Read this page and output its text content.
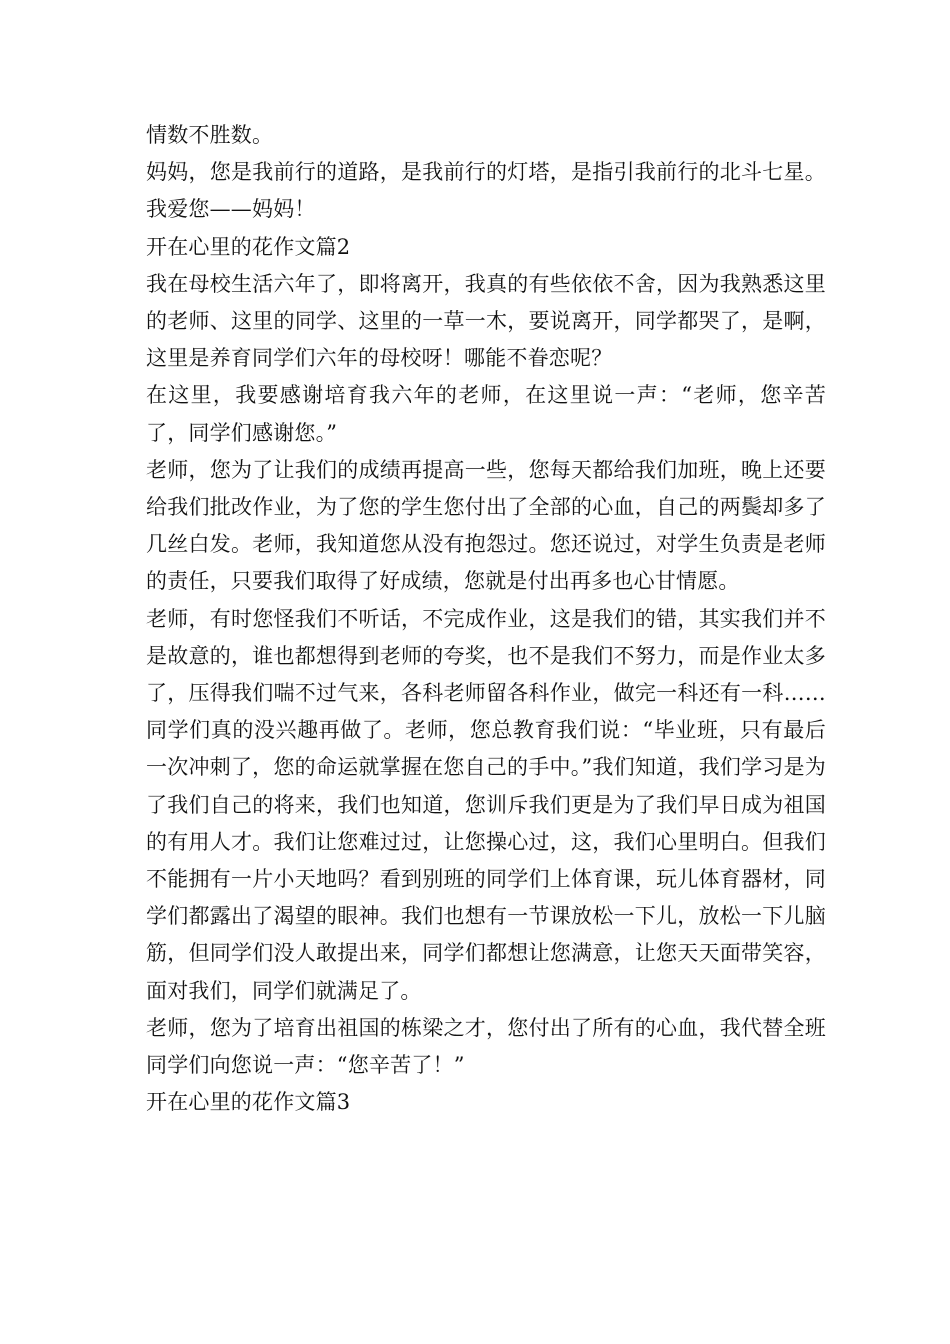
情数不胜数。

妈妈，您是我前行的道路，是我前行的灯塔，是指引我前行的北斗七星。我爱您——妈妈！

开在心里的花作文篇2

我在母校生活六年了，即将离开，我真的有些依依不舍，因为我熟悉这里的老师、这里的同学、这里的一草一木，要说离开，同学都哭了，是啊，这里是养育同学们六年的母校呀！哪能不眷恋呢？

在这里，我要感谢培育我六年的老师，在这里说一声：“老师，您辛苦了，同学们感谢您。”

老师，您为了让我们的成绩再提高一些，您每天都给我们加班，晚上还要给我们批改作业，为了您的学生您付出了全部的心血，自己的两鬓却多了几丝白发。老师，我知道您从没有抱怨过。您还说过，对学生负责是老师的责任，只要我们取得了好成绩，您就是付出再多也心甘情愿。

老师，有时您怪我们不听话，不完成作业，这是我们的错，其实我们并不是故意的，谁也都想得到老师的夸奖，也不是我们不努力，而是作业太多了，压得我们喘不过气来，各科老师留各科作业，做完一科还有一科……同学们真的没兴趣再做了。老师，您总教育我们说：“毕业班，只有最后一次冲刺了，您的命运就掌握在您自己的手中。”我们知道，我们学习是为了我们自己的将来，我们也知道，您训斥我们更是为了我们早日成为祖国的有用人才。我们让您难过过，让您操心过，这，我们心里明白。但我们不能拥有一片小天地吗？看到别班的同学们上体育课，玩儿体育器材，同学们都露出了渴望的眼神。我们也想有一节课放松一下儿，放松一下儿脑筋，但同学们没人敢提出来，同学们都想让您满意，让您天天面带笑容，面对我们，同学们就满足了。

老师，您为了培育出祖国的栋梁之才，您付出了所有的心血，我代替全班同学们向您说一声：“您辛苦了！”

开在心里的花作文篇3
